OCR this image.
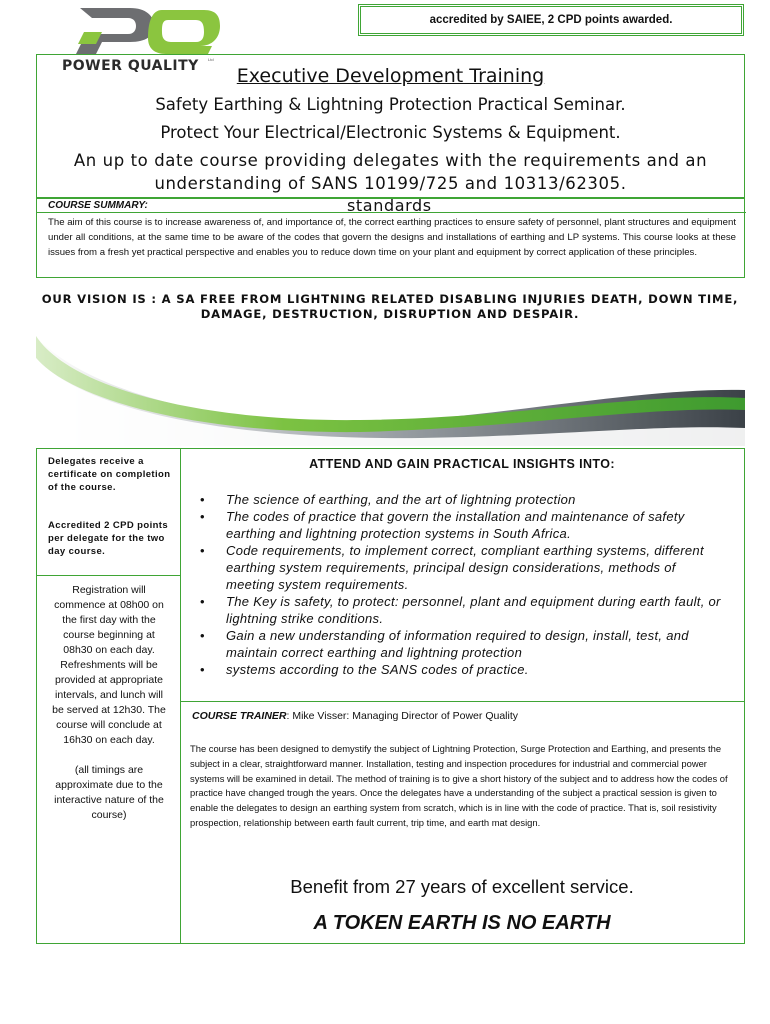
POWER QUALITY Ltd
accredited by SAIEE, 2 CPD points awarded.
Executive Development Training
Safety Earthing & Lightning Protection Practical Seminar.
Protect Your Electrical/Electronic Systems & Equipment.
An up to date course providing delegates with the requirements and an understanding of SANS 10199/725 and 10313/62305.
COURSE SUMMARY:	standards
The aim of this course is to increase awareness of, and importance of, the correct earthing practices to ensure safety of personnel, plant structures and equipment under all conditions, at the same time to be aware of the codes that govern the designs and installations of earthing and LP systems. This course looks at these issues from a fresh yet practical perspective and enables you to reduce down time on your plant and equipment by correct application of these principles.
OUR VISION IS : A SA FREE FROM LIGHTNING RELATED DISABLING INJURIES DEATH, DOWN TIME, DAMAGE, DESTRUCTION, DISRUPTION AND DESPAIR.
Delegates receive a certificate on completion of the course.
Accredited 2 CPD points per delegate for the two day course.

Registration will commence at 08h00 on the first day with the course beginning at 08h30 on each day. Refreshments will be provided at appropriate intervals, and lunch will be served at 12h30. The course will conclude at 16h30 on each day.

(all timings are approximate due to the interactive nature of the course)

ATTEND AND GAIN PRACTICAL INSIGHTS INTO:
• The science of earthing, and the art of lightning protection
• The codes of practice that govern the installation and maintenance of safety earthing and lightning protection systems in South Africa.
• Code requirements, to implement correct, compliant earthing systems, different earthing system requirements, principal design considerations, methods of meeting system requirements.
• The Key is safety, to protect: personnel, plant and equipment during earth fault, or lightning strike conditions.
• Gain a new understanding of information required to design, install, test, and maintain correct earthing and lightning protection
• systems according to the SANS codes of practice.
COURSE TRAINER: Mike Visser: Managing Director of Power Quality
The course has been designed to demystify the subject of Lightning Protection, Surge Protection and Earthing, and presents the subject in a clear, straightforward manner. Installation, testing and inspection procedures for industrial and commercial power systems will be examined in detail. The method of training is to give a short history of the subject and to address how the codes of practice have changed trough the years. Once the delegates have a understanding of the subject a practical session is given to enable the delegates to design an earthing system from scratch, which is in line with the code of practice. That is, soil resistivity prospection, relationship between earth fault current, trip time, and earth mat design.
Benefit from 27 years of excellent service.
A TOKEN EARTH IS NO EARTH
